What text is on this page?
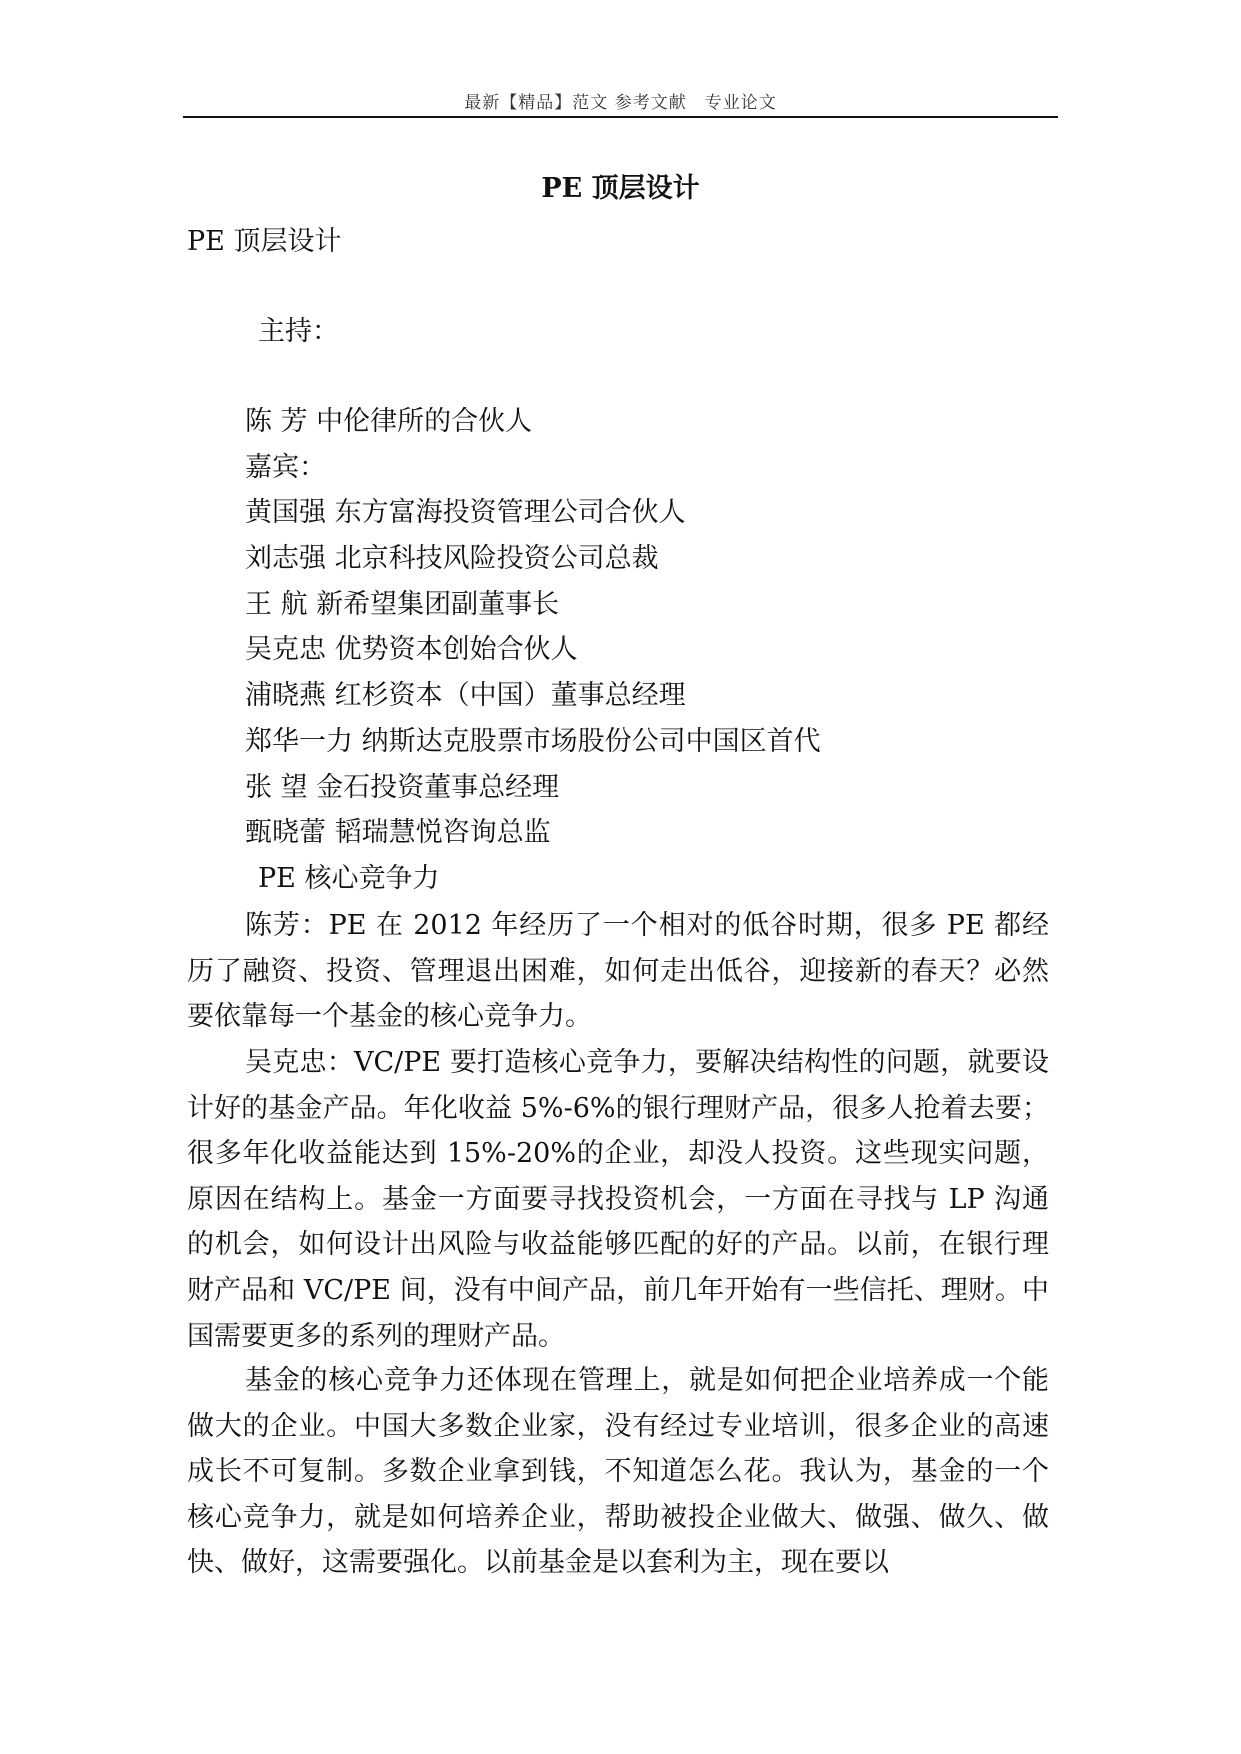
最新【精品】范文 参考文献　专业论文
PE 顶层设计
PE 顶层设计
主持：
陈 芳 中伦律所的合伙人
嘉宾：
黄国强 东方富海投资管理公司合伙人
刘志强 北京科技风险投资公司总裁
王 航 新希望集团副董事长
吴克忠 优势资本创始合伙人
浦晓燕 红杉资本（中国）董事总经理
郑华一力 纳斯达克股票市场股份公司中国区首代
张 望 金石投资董事总经理
甄晓蕾 韬瑞慧悦咨询总监
PE 核心竞争力

陈芳：PE 在 2012 年经历了一个相对的低谷时期，很多 PE 都经历了融资、投资、管理退出困难，如何走出低谷，迎接新的春天？必然要依靠每一个基金的核心竞争力。

吴克忠：VC/PE 要打造核心竞争力，要解决结构性的问题，就要设计好的基金产品。年化收益 5%-6%的银行理财产品，很多人抢着去要；很多年化收益能达到 15%-20%的企业，却没人投资。这些现实问题，原因在结构上。基金一方面要寻找投资机会，一方面在寻找与 LP 沟通的机会，如何设计出风险与收益能够匹配的好的产品。以前，在银行理财产品和 VC/PE 间，没有中间产品，前几年开始有一些信托、理财。中国需要更多的系列的理财产品。

基金的核心竞争力还体现在管理上，就是如何把企业培养成一个能做大的企业。中国大多数企业家，没有经过专业培训，很多企业的高速成长不可复制。多数企业拿到钱，不知道怎么花。我认为，基金的一个核心竞争力，就是如何培养企业，帮助被投企业做大、做强、做久、做快、做好，这需要强化。以前基金是以套利为主，现在要以
